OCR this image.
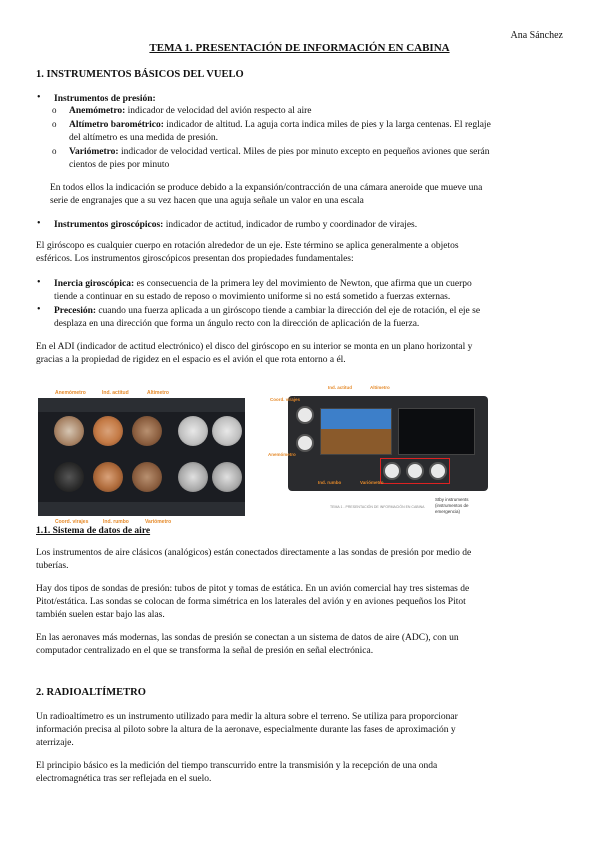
Ana Sánchez
TEMA 1. PRESENTACIÓN DE INFORMACIÓN EN CABINA
1. INSTRUMENTOS BÁSICOS DEL VUELO
• Instrumentos de presión:
o Anemómetro: indicador de velocidad del avión respecto al aire
o Altímetro barométrico: indicador de altitud. La aguja corta indica miles de pies y la larga centenas. El reglaje
del altímetro es una medida de presión.
o Variómetro: indicador de velocidad vertical. Miles de pies por minuto excepto en pequeños aviones que serán
cientos de pies por minuto
En todos ellos la indicación se produce debido a la expansión/contracción de una cámara aneroide que mueve una
serie de engranajes que a su vez hacen que una aguja señale un valor en una escala
• Instrumentos giroscópicos: indicador de actitud, indicador de rumbo y coordinador de virajes.
El giróscopo es cualquier cuerpo en rotación alrededor de un eje. Este término se aplica generalmente a objetos
esféricos. Los instrumentos giroscópicos presentan dos propiedades fundamentales:
• Inercia giroscópica: es consecuencia de la primera ley del movimiento de Newton, que afirma que un cuerpo
tiende a continuar en su estado de reposo o movimiento uniforme si no está sometido a fuerzas externas.
• Precesión: cuando una fuerza aplicada a un giróscopo tiende a cambiar la dirección del eje de rotación, el eje se
desplaza en una dirección que forma un ángulo recto con la dirección de aplicación de la fuerza.
En el ADI (indicador de actitud electrónico) el disco del giróscopo en su interior se monta en un plano horizontal y
gracias a la propiedad de rigidez en el espacio es el avión el que rota entorno a él.
Anemómetro	Ind. actitud	Altímetro
Coord. virajes	Ind. rumbo	Variómetro
Coord. virajes
Ind. actitud	Altímetro
Anemómetro
Ind. rumbo	Variómetro
Stby instruments
(instrumentos de
emergencia)
TEMA 1 - PRESENTACIÓN DE INFORMACIÓN EN CABINA
1.1. Sistema de datos de aire
Los instrumentos de aire clásicos (analógicos) están conectados directamente a las sondas de presión por medio de
tuberías.
Hay dos tipos de sondas de presión: tubos de pitot y tomas de estática. En un avión comercial hay tres sistemas de
Pitot/estática. Las sondas se colocan de forma simétrica en los laterales del avión y en aviones pequeños los Pitot
también suelen estar bajo las alas.
En las aeronaves más modernas, las sondas de presión se conectan a un sistema de datos de aire (ADC), con un
computador centralizado en el que se transforma la señal de presión en señal electrónica.
2. RADIOALTÍMETRO
Un radioaltímetro es un instrumento utilizado para medir la altura sobre el terreno. Se utiliza para proporcionar
información precisa al piloto sobre la altura de la aeronave, especialmente durante las fases de aproximación y
aterrizaje.
El principio básico es la medición del tiempo transcurrido entre la transmisión y la recepción de una onda
electromagnética tras ser reflejada en el suelo.
